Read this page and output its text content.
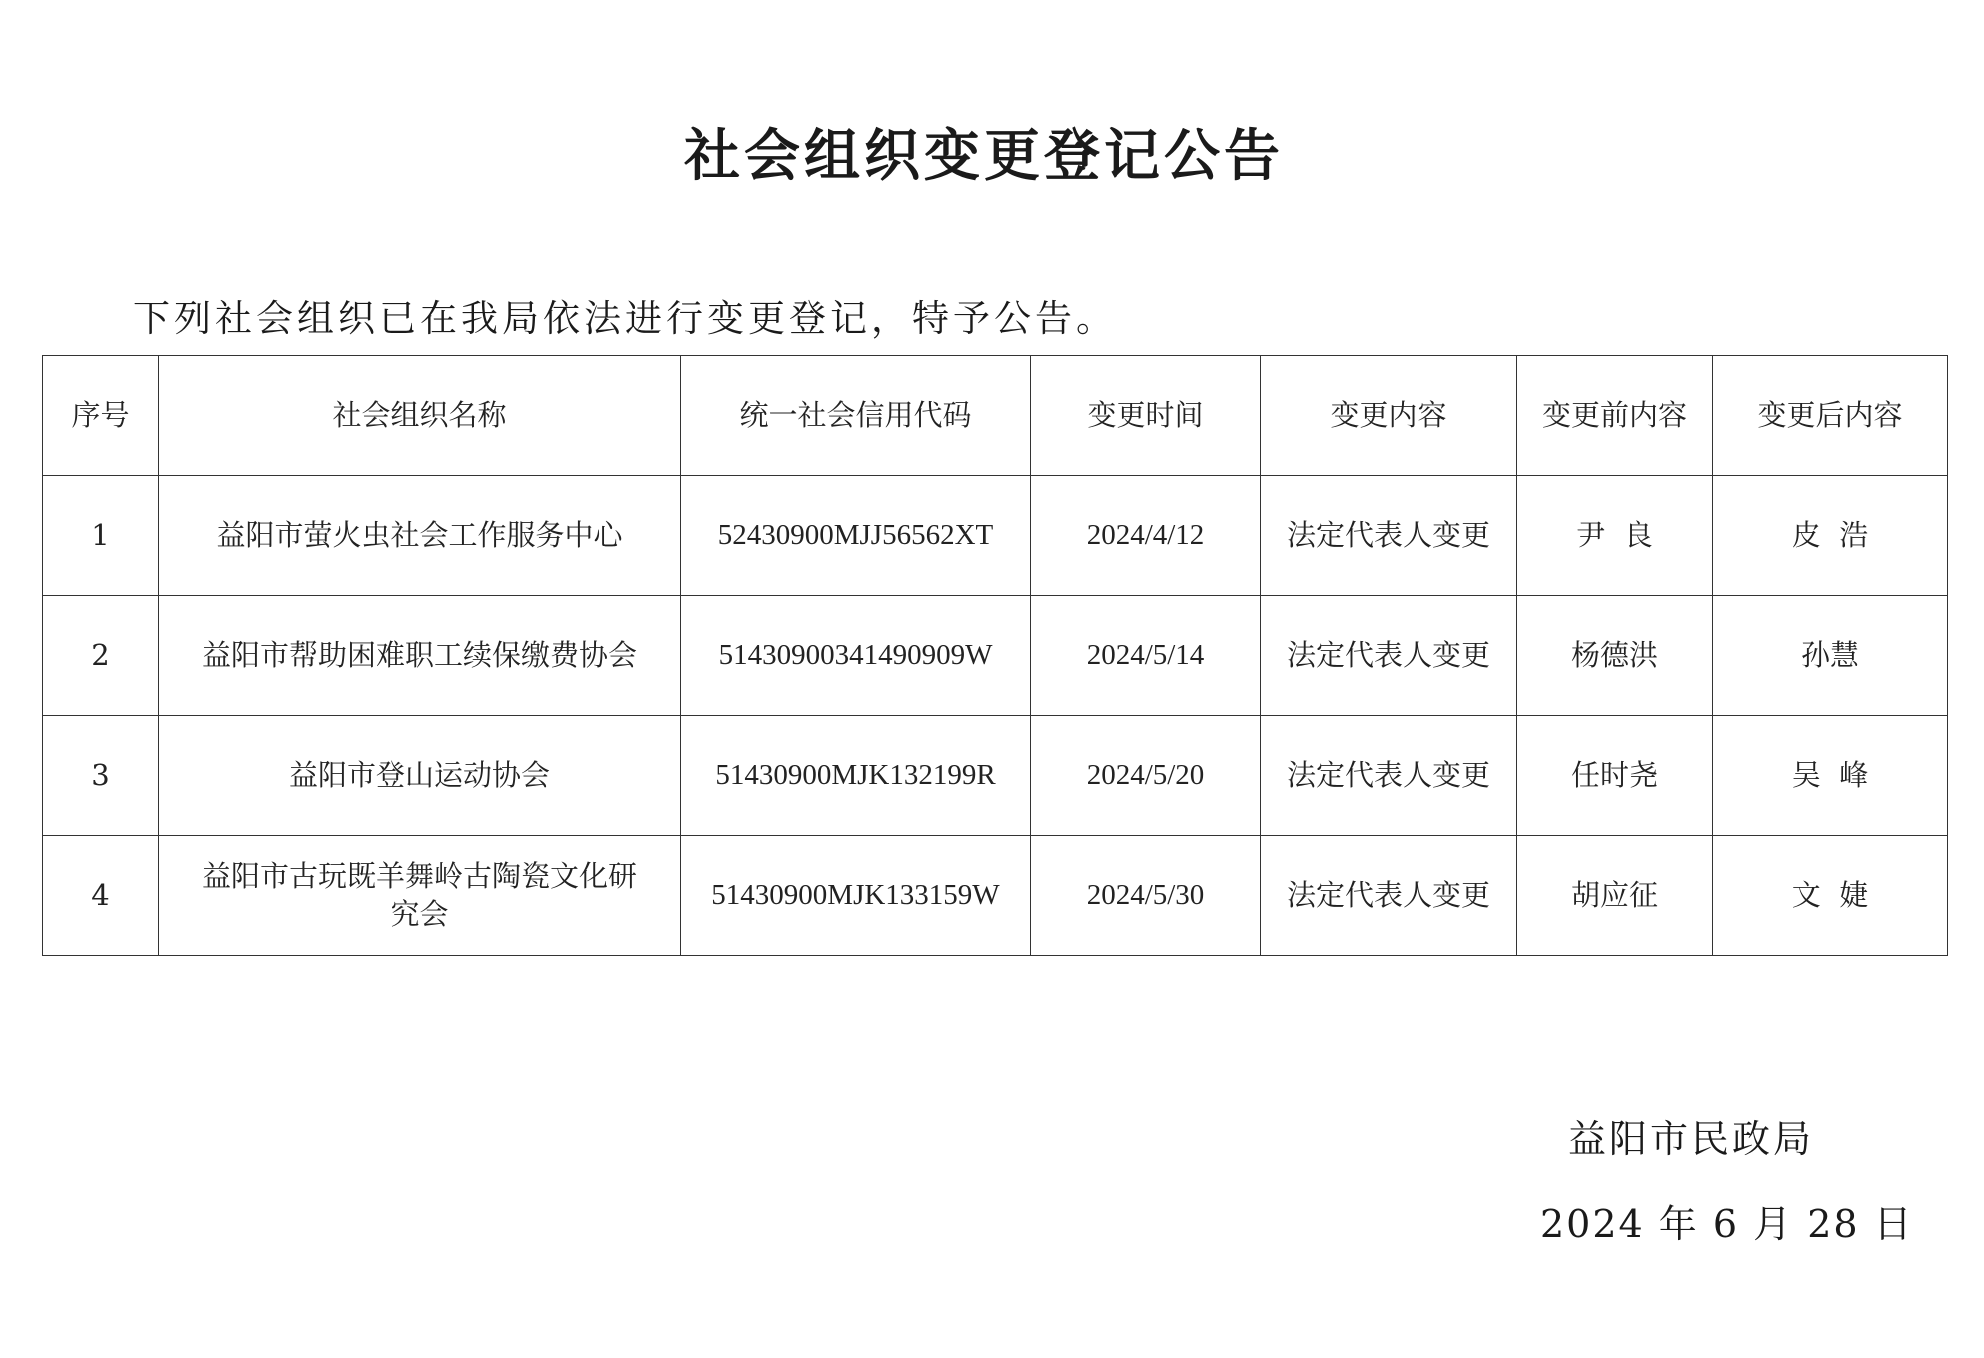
社会组织变更登记公告
下列社会组织已在我局依法进行变更登记，特予公告。
序号	社会组织名称	统一社会信用代码	变更时间	变更内容	变更前内容	变更后内容
1	益阳市萤火虫社会工作服务中心	52430900MJJ56562XT	2024/4/12	法定代表人变更	尹  良	皮  浩
2	益阳市帮助困难职工续保缴费协会	51430900341490909W	2024/5/14	法定代表人变更	杨德洪	孙慧
3	益阳市登山运动协会	51430900MJK132199R	2024/5/20	法定代表人变更	任时尧	吴  峰
4	益阳市古玩既羊舞岭古陶瓷文化研究会	51430900MJK133159W	2024/5/30	法定代表人变更	胡应征	文  婕
益阳市民政局
2024 年 6 月 28 日
